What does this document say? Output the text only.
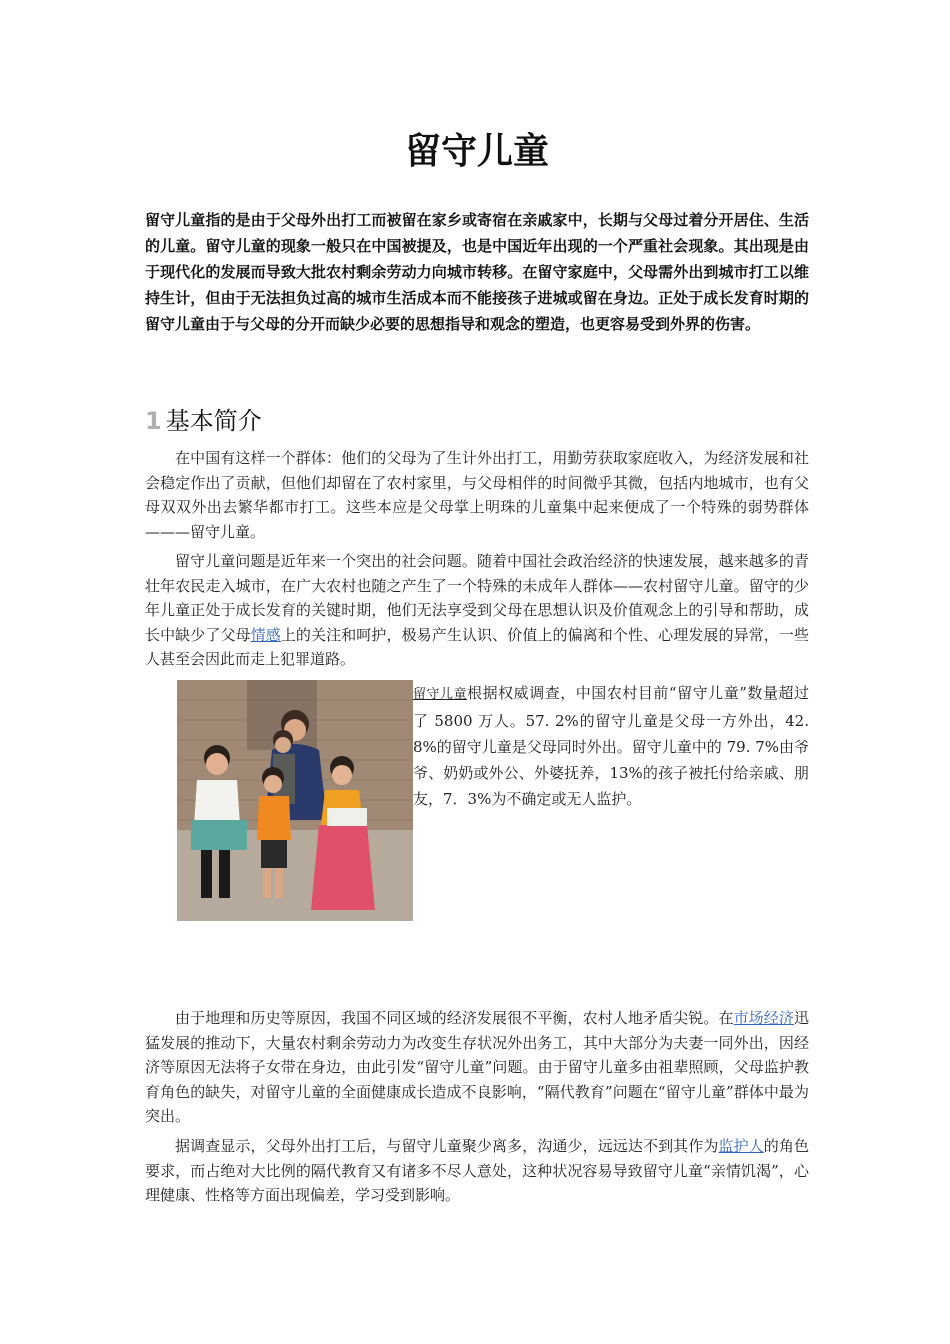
留守儿童

留守儿童指的是由于父母外出打工而被留在家乡或寄宿在亲戚家中，长期与父母过着分开居住、生活的儿童。留守儿童的现象一般只在中国被提及，也是中国近年出现的一个严重社会现象。其出现是由于现代化的发展而导致大批农村剩余劳动力向城市转移。在留守家庭中，父母需外出到城市打工以维持生计，但由于无法担负过高的城市生活成本而不能接孩子进城或留在身边。正处于成长发育时期的留守儿童由于与父母的分开而缺少必要的思想指导和观念的塑造，也更容易受到外界的伤害。

1 基本简介

在中国有这样一个群体：他们的父母为了生计外出打工，用勤劳获取家庭收入，为经济发展和社会稳定作出了贡献，但他们却留在了农村家里，与父母相伴的时间微乎其微，包括内地城市，也有父母双双外出去繁华都市打工。这些本应是父母掌上明珠的儿童集中起来便成了一个特殊的弱势群体———留守儿童。

留守儿童问题是近年来一个突出的社会问题。随着中国社会政治经济的快速发展，越来越多的青壮年农民走入城市，在广大农村也随之产生了一个特殊的未成年人群体——农村留守儿童。留守的少年儿童正处于成长发育的关键时期，他们无法享受到父母在思想认识及价值观念上的引导和帮助，成长中缺少了父母情感上的关注和呵护，极易产生认识、价值上的偏离和个性、心理发展的异常，一些人甚至会因此而走上犯罪道路。

留守儿童根据权威调查，中国农村目前“留守儿童”数量超过了 5800 万人。57. 2%的留守儿童是父母一方外出，42. 8%的留守儿童是父母同时外出。留守儿童中的 79. 7%由爷爷、奶奶或外公、外婆抚养，13%的孩子被托付给亲戚、朋友，7．3%为不确定或无人监护。

由于地理和历史等原因，我国不同区域的经济发展很不平衡，农村人地矛盾尖锐。在市场经济迅猛发展的推动下，大量农村剩余劳动力为改变生存状况外出务工，其中大部分为夫妻一同外出，因经济等原因无法将子女带在身边，由此引发“留守儿童”问题。由于留守儿童多由祖辈照顾，父母监护教育角色的缺失，对留守儿童的全面健康成长造成不良影响，“隔代教育”问题在“留守儿童”群体中最为突出。

据调查显示，父母外出打工后，与留守儿童聚少离多，沟通少，远远达不到其作为监护人的角色要求，而占绝对大比例的隔代教育又有诸多不尽人意处，这种状况容易导致留守儿童“亲情饥渴”，心理健康、性格等方面出现偏差，学习受到影响。
